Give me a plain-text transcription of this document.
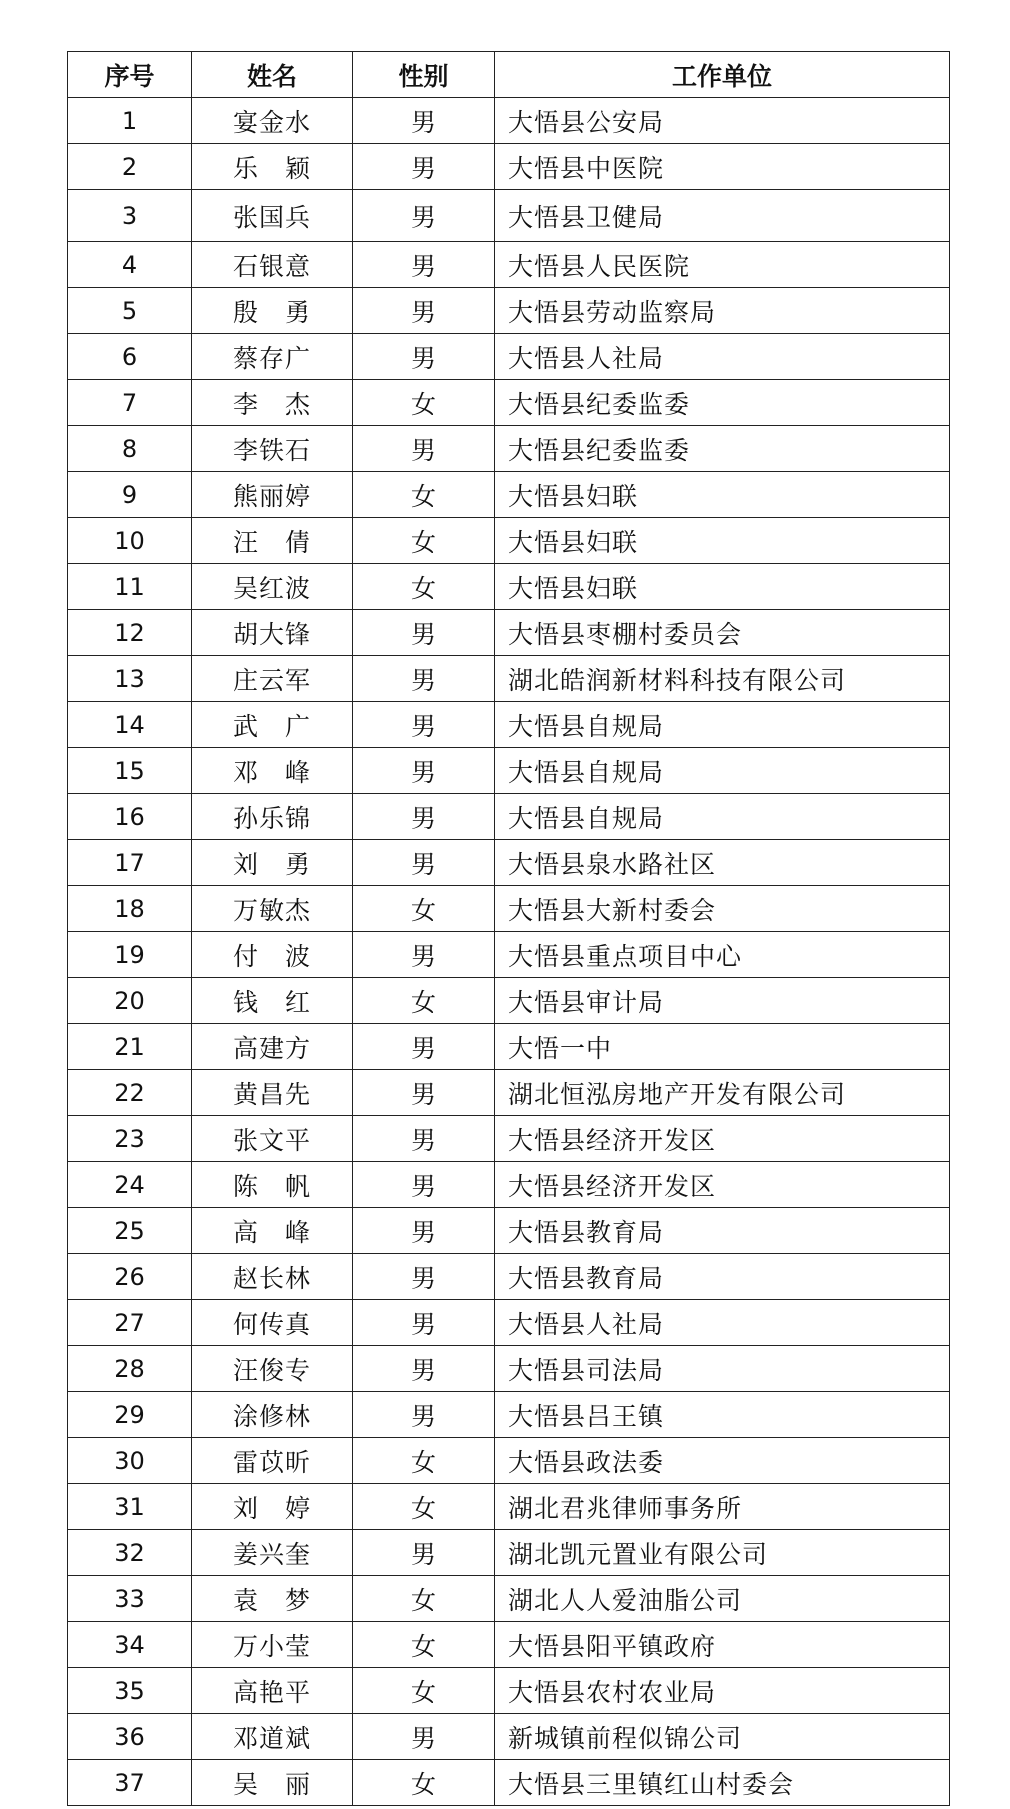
序号	姓名	性别	工作单位
1	宴金水	男	大悟县公安局
2	乐　颖	男	大悟县中医院
3	张国兵	男	大悟县卫健局
4	石银意	男	大悟县人民医院
5	殷　勇	男	大悟县劳动监察局
6	蔡存广	男	大悟县人社局
7	李　杰	女	大悟县纪委监委
8	李铁石	男	大悟县纪委监委
9	熊丽婷	女	大悟县妇联
10	汪　倩	女	大悟县妇联
11	吴红波	女	大悟县妇联
12	胡大锋	男	大悟县枣棚村委员会
13	庄云军	男	湖北皓润新材料科技有限公司
14	武　广	男	大悟县自规局
15	邓　峰	男	大悟县自规局
16	孙乐锦	男	大悟县自规局
17	刘　勇	男	大悟县泉水路社区
18	万敏杰	女	大悟县大新村委会
19	付　波	男	大悟县重点项目中心
20	钱　红	女	大悟县审计局
21	高建方	男	大悟一中
22	黄昌先	男	湖北恒泓房地产开发有限公司
23	张文平	男	大悟县经济开发区
24	陈　帆	男	大悟县经济开发区
25	高　峰	男	大悟县教育局
26	赵长林	男	大悟县教育局
27	何传真	男	大悟县人社局
28	汪俊专	男	大悟县司法局
29	涂修林	男	大悟县吕王镇
30	雷苡昕	女	大悟县政法委
31	刘　婷	女	湖北君兆律师事务所
32	姜兴奎	男	湖北凯元置业有限公司
33	袁　梦	女	湖北人人爱油脂公司
34	万小莹	女	大悟县阳平镇政府
35	高艳平	女	大悟县农村农业局
36	邓道斌	男	新城镇前程似锦公司
37	吴　丽	女	大悟县三里镇红山村委会
